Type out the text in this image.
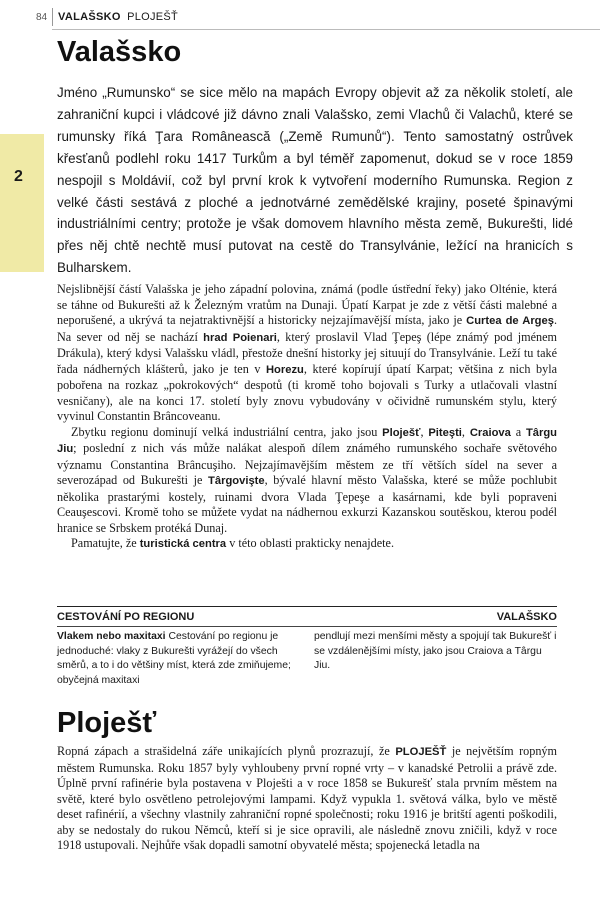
84 VALAŠSKO PLOJEŠŤ
2
Valašsko

Jméno „Rumunsko“ se sice mělo na mapách Evropy objevit až za několik století, ale zahraniční kupci i vládcové již dávno znali Valašsko, zemi Vlachů či Valachů, které se rumunsky říká Ţara Românească („Země Rumunů“). Tento samostatný ostrůvek křesťanů podlehl roku 1417 Turkům a byl téměř zapomenut, dokud se v roce 1859 nespojil s Moldávií, což byl první krok k vytvoření moderního Rumunska. Region z velké části sestává z ploché a jednotvárné zemědělské krajiny, poseté špinavými industriálními centry; protože je však domovem hlavního města země, Bukurešti, lidé přes něj chtě nechtě musí putovat na cestě do Transylvánie, ležící na hranicích s Bulharskem.

Nejslibnější částí Valašska je jeho západní polovina, známá (podle ústřední řeky) jako Olténie, která se táhne od Bukurešti až k Železným vratům na Dunaji. Úpatí Karpat je zde z větší části malebné a neporušené, a ukrývá ta nejatraktivnější a historicky nejzajímavější místa, jako je Curtea de Argeş. Na sever od něj se nachází hrad Poienari, který proslavil Vlad Ţepeş (lépe známý pod jménem Drákula), který kdysi Valašsku vládl, přestože dnešní historky jej situují do Transylvánie. Leží tu také řada nádherných klášterů, jako je ten v Horezu, které kopírují úpatí Karpat; většina z nich byla pobořena na rozkaz „pokrokových“ despotů (ti kromě toho bojovali s Turky a utlačovali vlastní vesničany), ale na konci 17. století byly znovu vybudovány v očividně rumunském stylu, který vyvinul Constantin Brâncoveanu.

Zbytku regionu dominují velká industriální centra, jako jsou Ploješť, Piteşti, Craiova a Târgu Jiu; poslední z nich vás může nalákat alespoň dílem známého rumunského sochaře světového významu Constantina Brâncuşiho. Nejzajímavějším městem ze tří větších sídel na sever a severozápad od Bukurešti je Târgovişte, bývalé hlavní město Valašska, které se může pochlubit několika prastarými kostely, ruinami dvora Vlada Ţepeşe a kasárnami, kde byli popraveni Ceauşescovi. Kromě toho se můžete vydat na nádhernou exkurzi Kazanskou soutěskou, kterou podél hranice se Srbskem protéká Dunaj.

Pamatujte, že turistická centra v této oblasti prakticky nenajdete.

CESTOVÁNÍ PO REGIONU	VALAŠSKO
Vlakem nebo maxitaxi Cestování po regionu je jednoduché: vlaky z Bukurešti vyrážejí do všech směrů, a to i do většiny míst, která zde zmiňujeme; obyčejná maxitaxi
pendlují mezi menšími městy a spojují tak Bukurešť i se vzdálenějšími místy, jako jsou Craiova a Târgu Jiu.
Ploješť

Ropná zápach a strašidelná záře unikajících plynů prozrazují, že PLOJEŠŤ je největším ropným městem Rumunska. Roku 1857 byly vyhloubeny první ropné vrty – v kanadské Petrolii a právě zde. Úplně první rafinérie byla postavena v Ploješti a v roce 1858 se Bukurešť stala prvním městem na světě, které bylo osvětleno petrolejovými lampami. Když vypukla 1. světová válka, bylo ve městě deset rafinérií, a všechny vlastnily zahraniční ropné společnosti; roku 1916 je britští agenti poškodili, aby se nedostaly do rukou Němců, kteří si je sice opravili, ale následně znovu zničili, když v roce 1918 ustupovali. Nejhůře však dopadli samotní obyvatelé města; spojenecká letadla na
